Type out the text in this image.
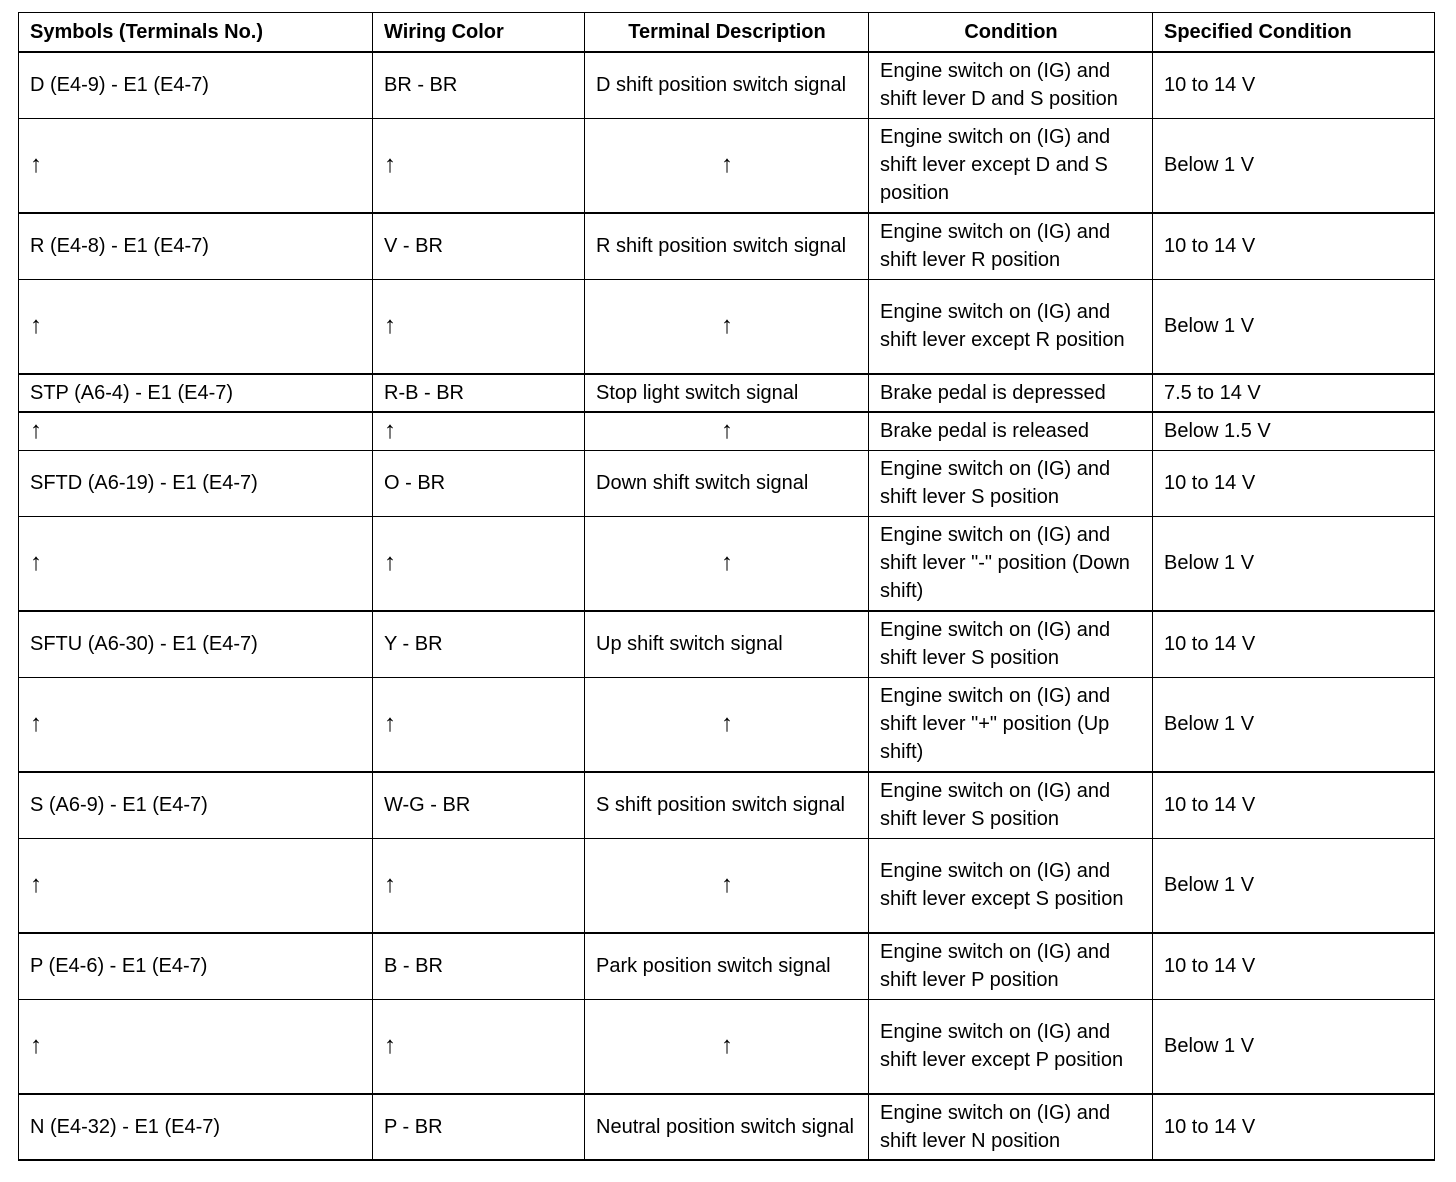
Symbols (Terminals No.)	Wiring Color	Terminal Description	Condition	Specified Condition
D (E4-9) - E1 (E4-7)	BR - BR	D shift position switch signal	Engine switch on (IG) and shift lever D and S position	10 to 14 V
↑	↑	↑	Engine switch on (IG) and shift lever except D and S position	Below 1 V
R (E4-8) - E1 (E4-7)	V - BR	R shift position switch signal	Engine switch on (IG) and shift lever R position	10 to 14 V
↑	↑	↑	Engine switch on (IG) and shift lever except R position	Below 1 V
STP (A6-4) - E1 (E4-7)	R-B - BR	Stop light switch signal	Brake pedal is depressed	7.5 to 14 V
↑	↑	↑	Brake pedal is released	Below 1.5 V
SFTD (A6-19) - E1 (E4-7)	O - BR	Down shift switch signal	Engine switch on (IG) and shift lever S position	10 to 14 V
↑	↑	↑	Engine switch on (IG) and shift lever "-" position (Down shift)	Below 1 V
SFTU (A6-30) - E1 (E4-7)	Y - BR	Up shift switch signal	Engine switch on (IG) and shift lever S position	10 to 14 V
↑	↑	↑	Engine switch on (IG) and shift lever "+" position (Up shift)	Below 1 V
S (A6-9) - E1 (E4-7)	W-G - BR	S shift position switch signal	Engine switch on (IG) and shift lever S position	10 to 14 V
↑	↑	↑	Engine switch on (IG) and shift lever except S position	Below 1 V
P (E4-6) - E1 (E4-7)	B - BR	Park position switch signal	Engine switch on (IG) and shift lever P position	10 to 14 V
↑	↑	↑	Engine switch on (IG) and shift lever except P position	Below 1 V
N (E4-32) - E1 (E4-7)	P - BR	Neutral position switch signal	Engine switch on (IG) and shift lever N position	10 to 14 V
